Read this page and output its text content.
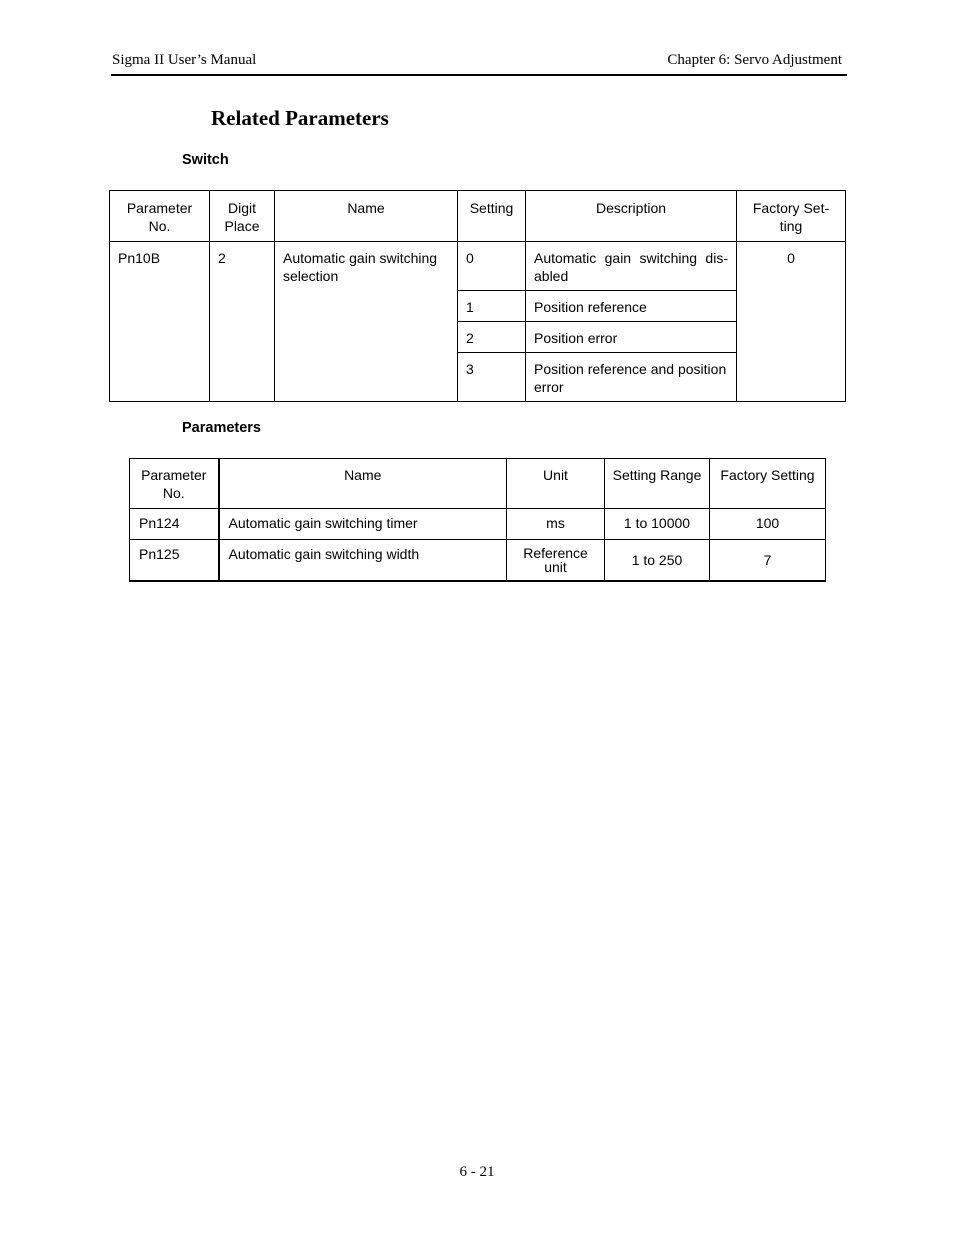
Sigma II User’s Manual	Chapter 6: Servo Adjustment
Related Parameters
Switch
Parameter No.	Digit Place	Name	Setting	Description	Factory Set-ting
Pn10B	2	Automatic gain switching selection	0	Automatic gain switching dis-abled	0
			1	Position reference	
			2	Position error	
			3	Position reference and position error	
Parameters
Parameter No.	Name	Unit	Setting Range	Factory Setting
Pn124	Automatic gain switching timer	ms	1 to 10000	100
Pn125	Automatic gain switching width	Reference unit	1 to 250	7
6 - 21
